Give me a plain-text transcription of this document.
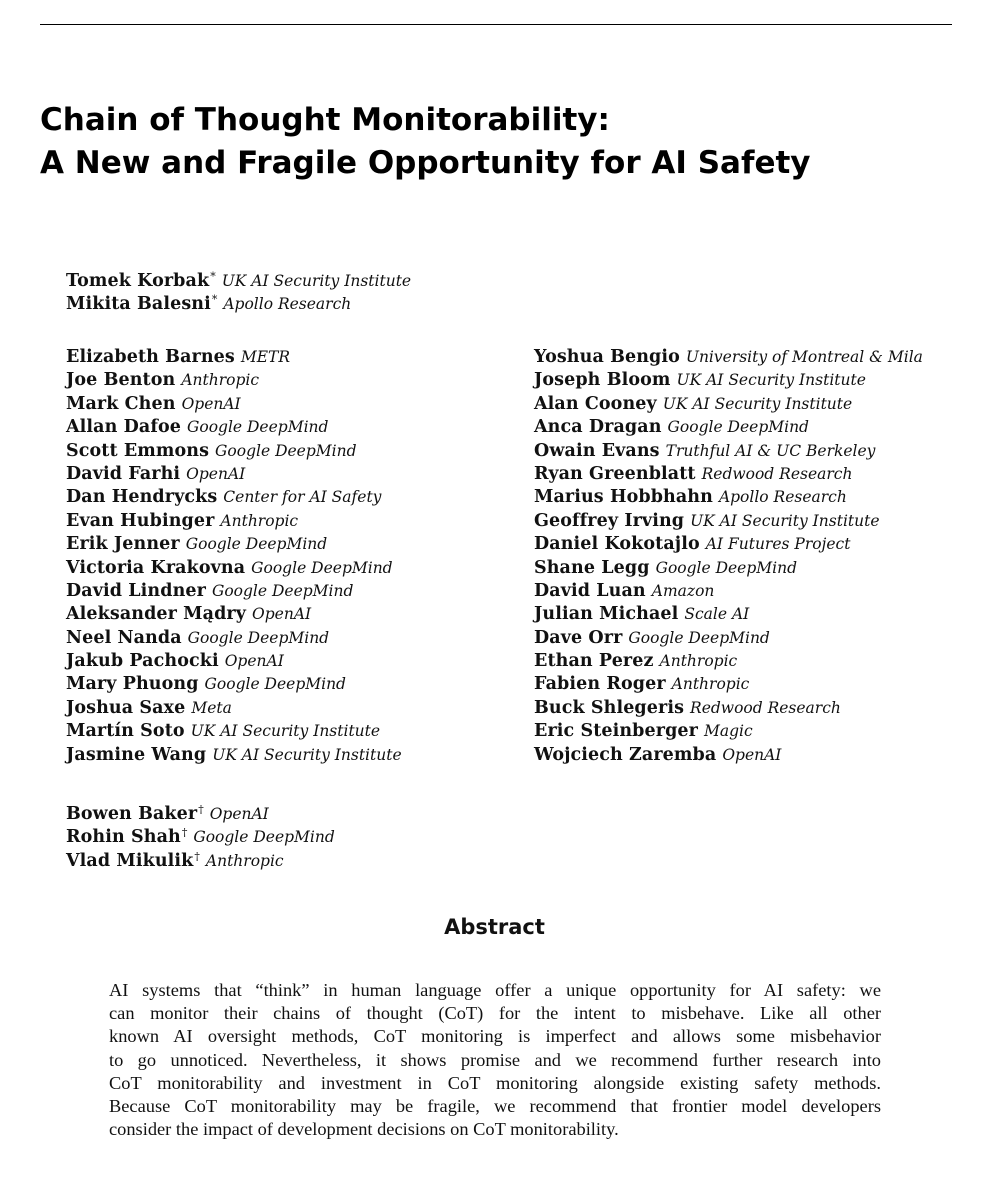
Chain of Thought Monitorability:
A New and Fragile Opportunity for AI Safety
Tomek Korbak* UK AI Security Institute
Mikita Balesni* Apollo Research
Elizabeth Barnes METR
Joe Benton Anthropic
Mark Chen OpenAI
Allan Dafoe Google DeepMind
Scott Emmons Google DeepMind
David Farhi OpenAI
Dan Hendrycks Center for AI Safety
Evan Hubinger Anthropic
Erik Jenner Google DeepMind
Victoria Krakovna Google DeepMind
David Lindner Google DeepMind
Aleksander Mądry OpenAI
Neel Nanda Google DeepMind
Jakub Pachocki OpenAI
Mary Phuong Google DeepMind
Joshua Saxe Meta
Martín Soto UK AI Security Institute
Jasmine Wang UK AI Security Institute
Yoshua Bengio University of Montreal & Mila
Joseph Bloom UK AI Security Institute
Alan Cooney UK AI Security Institute
Anca Dragan Google DeepMind
Owain Evans Truthful AI & UC Berkeley
Ryan Greenblatt Redwood Research
Marius Hobbhahn Apollo Research
Geoffrey Irving UK AI Security Institute
Daniel Kokotajlo AI Futures Project
Shane Legg Google DeepMind
David Luan Amazon
Julian Michael Scale AI
Dave Orr Google DeepMind
Ethan Perez Anthropic
Fabien Roger Anthropic
Buck Shlegeris Redwood Research
Eric Steinberger Magic
Wojciech Zaremba OpenAI
Bowen Baker† OpenAI
Rohin Shah† Google DeepMind
Vlad Mikulik† Anthropic
Abstract

AI systems that “think” in human language offer a unique opportunity for AI safety: we
can monitor their chains of thought (CoT) for the intent to misbehave. Like all other
known AI oversight methods, CoT monitoring is imperfect and allows some misbehavior
to go unnoticed. Nevertheless, it shows promise and we recommend further research into
CoT monitorability and investment in CoT monitoring alongside existing safety methods.
Because CoT monitorability may be fragile, we recommend that frontier model developers
consider the impact of development decisions on CoT monitorability.
